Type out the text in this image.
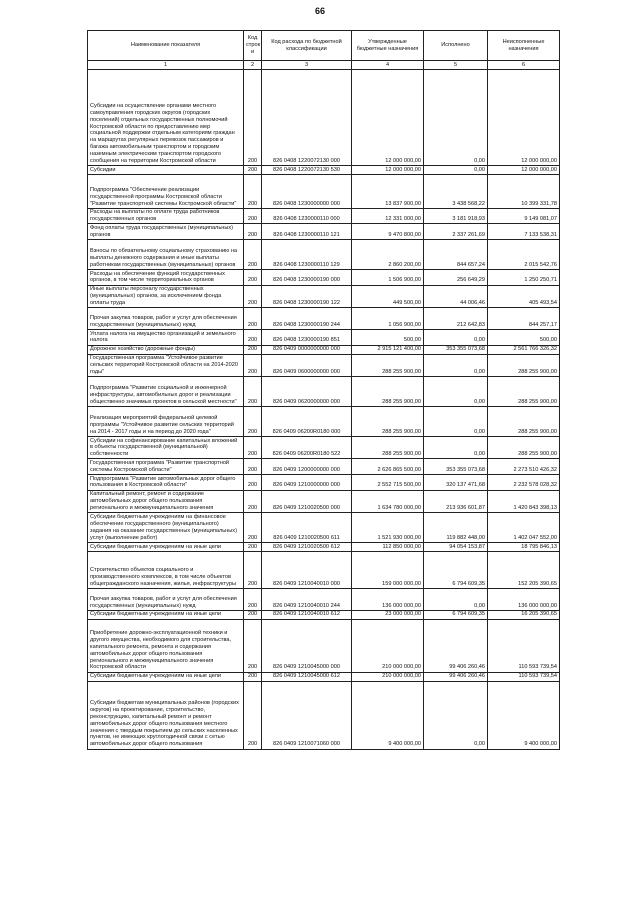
66
Наименование показателя	Код строк и	Код расхода по бюджетной классификации	Утвержденные бюджетные назначения	Исполнено	Неисполненные назначения
1	2	3	4	5	6
Субсидии на осуществление органами местного самоуправления городских округов (городских поселений) отдельных государственных полномочий Костромской области по предоставлению мер социальной поддержки отдельным категориям граждан на маршрутах регулярных перевозок пассажиров и багажа автомобильным транспортом и городским наземным электрическим транспортом городского сообщения на территории Костромской области	200	826 0408 1220072130 000	12 000 000,00	0,00	12 000 000,00
Субсидии	200	826 0408 1220072130 530	12 000 000,00	0,00	12 000 000,00
Подпрограмма "Обеспечение реализации государственной программы Костромской области "Развитие транспортной системы Костромской области"	200	826 0408 1230000000 000	13 837 900,00	3 438 568,22	10 399 331,78
Расходы на выплаты по оплате труда работников государственных органов	200	826 0408 1230000110 000	12 331 000,00	3 181 918,93	9 149 081,07
Фонд оплаты труда государственных (муниципальных) органов	200	826 0408 1230000110 121	9 470 800,00	2 337 261,69	7 133 538,31
Взносы по обязательному социальному страхованию на выплаты денежного содержания и иные выплаты работникам государственных (муниципальных) органов	200	826 0408 1230000110 129	2 860 200,00	844 657,24	2 015 542,76
Расходы на обеспечение функций государственных органов, в том числе территориальных органов	200	826 0408 1230000190 000	1 506 900,00	256 649,29	1 250 250,71
Иные выплаты персоналу государственных (муниципальных) органов, за исключением фонда оплаты труда	200	826 0408 1230000190 122	449 500,00	44 006,46	405 493,54
Прочая закупка товаров, работ и услуг для обеспечения государственных (муниципальных) нужд	200	826 0408 1230000190 244	1 056 900,00	212 642,83	844 257,17
Уплата налога на имущество организаций и земельного налога	200	826 0408 1230000190 851	500,00	0,00	500,00
Дорожное хозяйство (дорожные фонды)	200	826 0409 0000000000 000	2 915 121 400,00	353 355 073,68	2 561 766 326,32
Государственная программа "Устойчивое развитие сельских территорий Костромской области на 2014-2020 годы"	200	826 0409 0600000000 000	288 255 900,00	0,00	288 255 900,00
Подпрограмма "Развитие социальной и инженерной инфраструктуры, автомобильных дорог и реализации общественно значимых проектов в сельской местности"	200	826 0409 0620000000 000	288 255 900,00	0,00	288 255 900,00
Реализация мероприятий федеральной целевой программы "Устойчивое развитие сельских территорий на 2014 - 2017 годы и на период до 2020 года"	200	826 0409 06200R0180 000	288 255 900,00	0,00	288 255 900,00
Субсидии на софинансирование капитальных вложений в объекты государственной (муниципальной) собственности	200	826 0409 06200R0180 522	288 255 900,00	0,00	288 255 900,00
Государственная программа "Развитие транспортной системы Костромской области"	200	826 0409 1200000000 000	2 626 865 500,00	353 355 073,68	2 273 510 426,32
Подпрограмма "Развитие автомобильных дорог общего пользования в Костромской области"	200	826 0409 1210000000 000	2 552 715 500,00	320 137 471,68	2 232 578 028,32
Капитальный ремонт, ремонт и содержание автомобильных дорог общего пользования регионального и межмуниципального значения	200	826 0409 1210020500 000	1 634 780 000,00	213 936 601,87	1 420 843 398,13
Субсидии бюджетным учреждениям на финансовое обеспечение государственного (муниципального) задания на оказание государственных (муниципальных) услуг (выполнение работ)	200	826 0409 1210020500 611	1 521 930 000,00	119 882 448,00	1 402 047 552,00
Субсидии бюджетным учреждениям на иные цели	200	826 0409 1210020500 612	112 850 000,00	94 054 153,87	18 795 846,13
Строительство объектов социального и производственного комплексов, в том числе объектов общегражданского назначения, жилья, инфраструктуры	200	826 0409 1210040010 000	159 000 000,00	6 794 609,35	152 205 390,65
Прочая закупка товаров, работ и услуг для обеспечения государственных (муниципальных) нужд	200	826 0409 1210040010 244	136 000 000,00	0,00	136 000 000,00
Субсидии бюджетным учреждениям на иные цели	200	826 0409 1210040010 612	23 000 000,00	6 794 609,35	16 205 390,65
Приобретение дорожно-эксплуатационной техники и другого имущества, необходимого для строительства, капитального ремонта, ремонта и содержания автомобильных дорог общего пользования регионального и межмуниципального значения Костромской области	200	826 0409 1210045000 000	210 000 000,00	99 406 260,46	110 593 739,54
Субсидии бюджетным учреждениям на иные цели	200	826 0409 1210045000 612	210 000 000,00	99 406 260,46	110 593 739,54
Субсидии бюджетам муниципальных районов (городских округов) на проектирование, строительство, реконструкцию, капитальный ремонт и ремонт автомобильных дорог общего пользования местного значения с твердым покрытием до сельских населенных пунктов, не имеющих круглогодичной связи с сетью автомобильных дорог общего пользования	200	826 0409 1210071060 000	9 400 000,00	0,00	9 400 000,00
